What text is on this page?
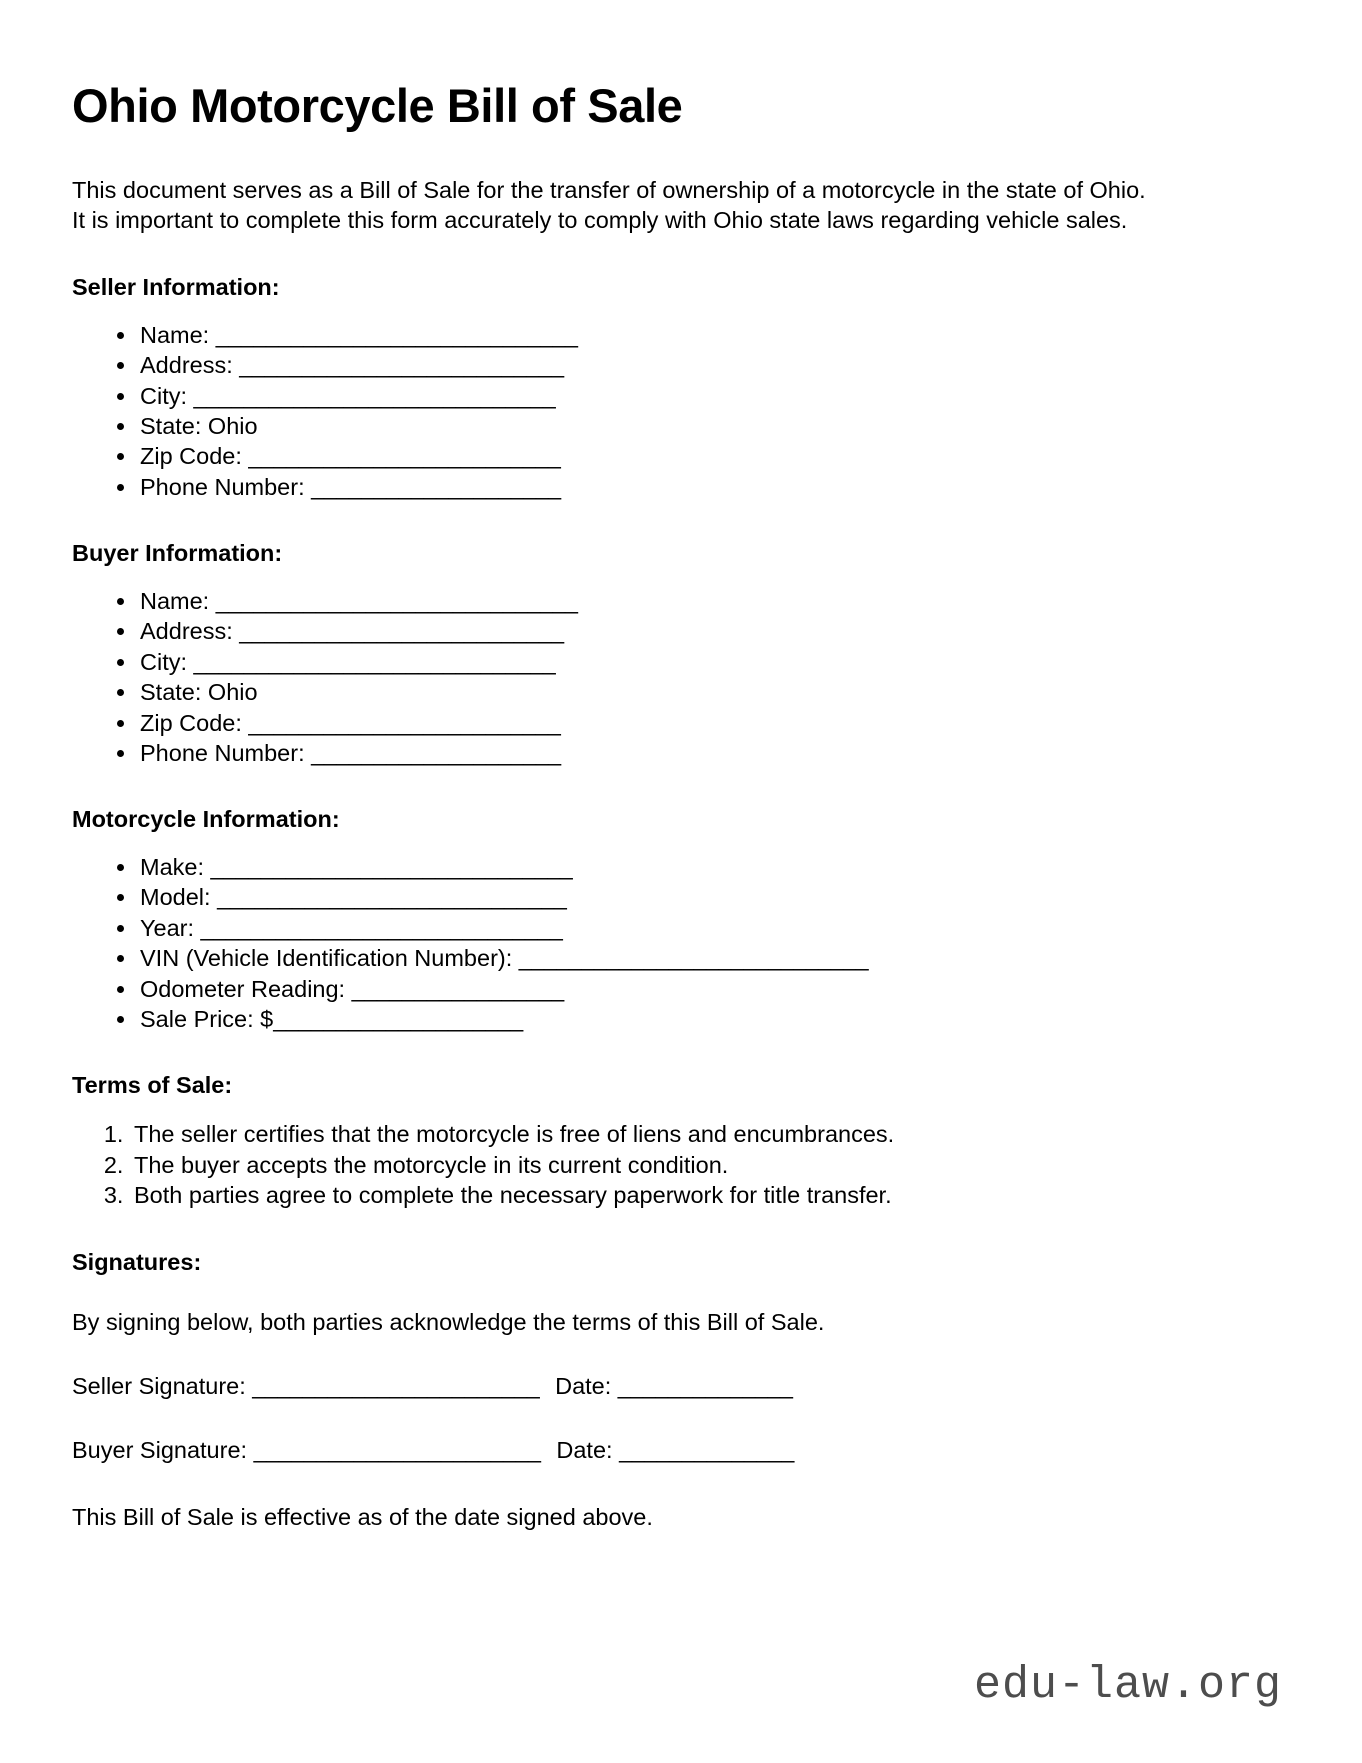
Ohio Motorcycle Bill of Sale

This document serves as a Bill of Sale for the transfer of ownership of a motorcycle in the state of Ohio. It is important to complete this form accurately to comply with Ohio state laws regarding vehicle sales.

Seller Information:
• Name: _____________________________
• Address: __________________________
• City: _____________________________
• State: Ohio
• Zip Code: _________________________
• Phone Number: ____________________
Buyer Information:
• Name: _____________________________
• Address: __________________________
• City: _____________________________
• State: Ohio
• Zip Code: _________________________
• Phone Number: ____________________
Motorcycle Information:
• Make: _____________________________
• Model: ____________________________
• Year: _____________________________
• VIN (Vehicle Identification Number): ____________________________
• Odometer Reading: _________________
• Sale Price: $____________________
Terms of Sale:
1. The seller certifies that the motorcycle is free of liens and encumbrances.
2. The buyer accepts the motorcycle in its current condition.
3. Both parties agree to complete the necessary paperwork for title transfer.
Signatures:

By signing below, both parties acknowledge the terms of this Bill of Sale.

Seller Signature: _______________________ Date: ______________
Buyer Signature: _______________________ Date: ______________

This Bill of Sale is effective as of the date signed above.

edu-law.org
